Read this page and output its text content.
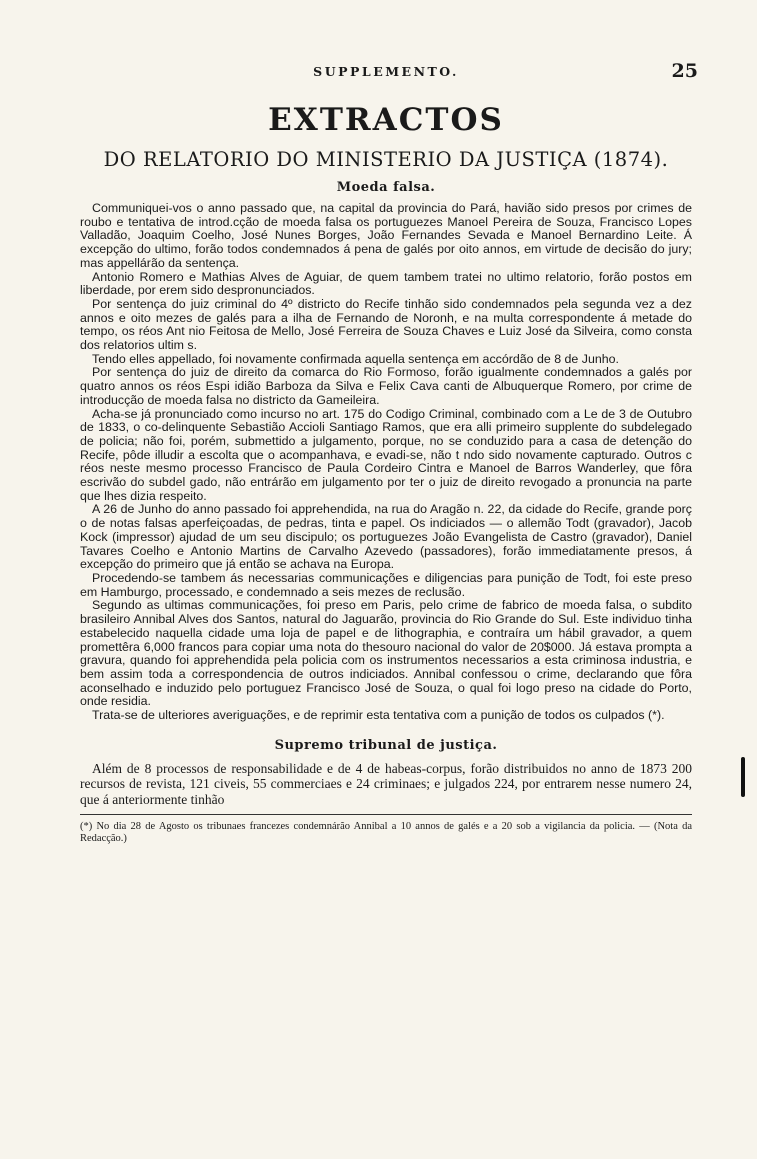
SUPPLEMENTO.	25
EXTRACTOS
DO RELATORIO DO MINISTERIO DA JUSTIÇA (1874).
Moeda falsa.

Communiquei-vos o anno passado que, na capital da provincia do Pará, havião sido presos por crimes de roubo e tentativa de introd.cção de moeda falsa os portuguezes Manoel Pereira de Souza, Francisco Lopes Valladão, Joaquim Coelho, José Nunes Borges, João Fernandes Sevada e Manoel Bernardino Leite. Á excepção do ultimo, forão todos condemnados á pena de galés por oito annos, em virtude de decisão do jury; mas appellárão da sentença.

Antonio Romero e Mathias Alves de Aguiar, de quem tambem tratei no ultimo relatorio, forão postos em liberdade, por erem sido despronunciados.

Por sentença do juiz criminal do 4º districto do Recife tinhão sido condemnados pela segunda vez a dez annos e oito mezes de galés para a ilha de Fernando de Noronh, e na multa correspondente á metade do tempo, os réos Ant nio Feitosa de Mello, José Ferreira de Souza Chaves e Luiz José da Silveira, como consta dos relatorios ultim s.

Tendo elles appellado, foi novamente confirmada aquella sentença em accórdão de 8 de Junho.

Por sentença do juiz de direito da comarca do Rio Formoso, forão igualmente condemnados a galés por quatro annos os réos Espi idião Barboza da Silva e Felix Cava canti de Albuquerque Romero, por crime de introducção de moeda falsa no districto da Gameileira.

Acha-se já pronunciado como incurso no art. 175 do Codigo Criminal, combinado com a Le de 3 de Outubro de 1833, o co-delinquente Sebastião Accioli Santiago Ramos, que era alli primeiro supplente do subdelegado de policia; não foi, porém, submettido a julgamento, porque, no se conduzido para a casa de detenção do Recife, pôde illudir a escolta que o acompanhava, e evadi-se, não t ndo sido novamente capturado. Outros c réos neste mesmo processo Francisco de Paula Cordeiro Cintra e Manoel de Barros Wanderley, que fôra escrivão do subdel gado, não entrárão em julgamento por ter o juiz de direito revogado a pronuncia na parte que lhes dizia respeito.

A 26 de Junho do anno passado foi apprehendida, na rua do Aragão n. 22, da cidade do Recife, grande porç o de notas falsas aperfeiçoadas, de pedras, tinta e papel. Os indiciados — o allemão Todt (gravador), Jacob Kock (impressor) ajudad de um seu discipulo; os portuguezes João Evangelista de Castro (gravador), Daniel Tavares Coelho e Antonio Martins de Carvalho Azevedo (passadores), forão immediatamente presos, á excepção do primeiro que já então se achava na Europa.

Procedendo-se tambem ás necessarias communicações e diligencias para punição de Todt, foi este preso em Hamburgo, processado, e condemnado a seis mezes de reclusão.

Segundo as ultimas communicações, foi preso em Paris, pelo crime de fabrico de moeda falsa, o subdito brasileiro Annibal Alves dos Santos, natural do Jaguarão, provincia do Rio Grande do Sul. Este individuo tinha estabelecido naquella cidade uma loja de papel e de lithographia, e contraíra um hábil gravador, a quem promettêra 6,000 francos para copiar uma nota do thesouro nacional do valor de 20$000. Já estava prompta a gravura, quando foi apprehendida pela policia com os instrumentos necessarios a esta criminosa industria, e bem assim toda a correspondencia de outros indiciados. Annibal confessou o crime, declarando que fôra aconselhado e induzido pelo portuguez Francisco José de Souza, o qual foi logo preso na cidade do Porto, onde residia.

Trata-se de ulteriores averiguações, e de reprimir esta tentativa com a punição de todos os culpados (*).

Supremo tribunal de justiça.

Além de 8 processos de responsabilidade e de 4 de habeas-corpus, forão distribuidos no anno de 1873 200 recursos de revista, 121 civeis, 55 commerciaes e 24 criminaes; e julgados 224, por entrarem nesse numero 24, que á anteriormente tinhão

(*) No dia 28 de Agosto os tribunaes francezes condemnárão Annibal a 10 annos de galés e a 20 sob a vigilancia da policia. — (Nota da Redacção.)
